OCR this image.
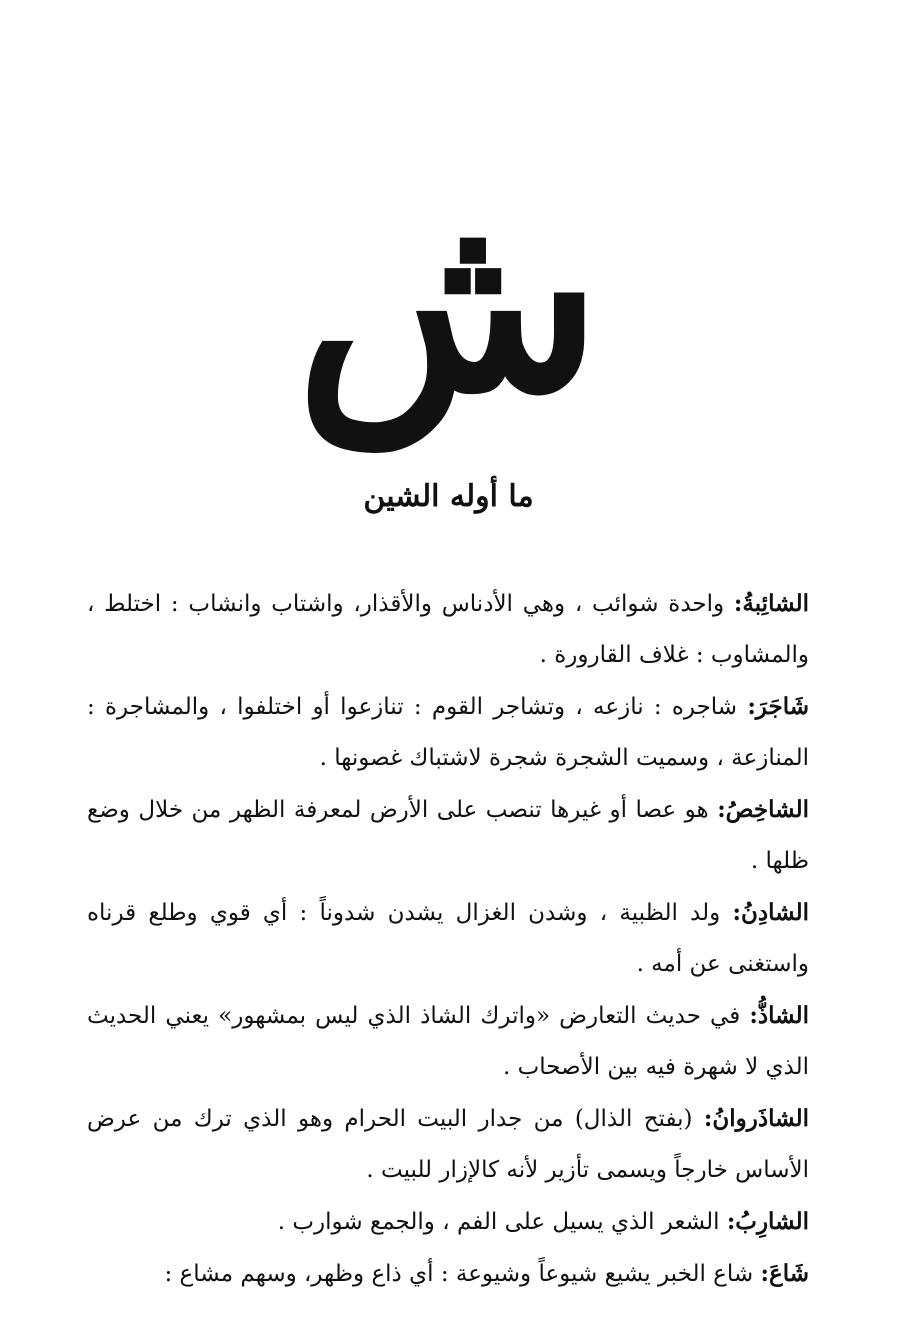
ش
ما أوله الشين

الشائِبةُ: واحدة شوائب ، وهي الأدناس والأقذار، واشتاب وانشاب : اختلط ، والمشاوب : غلاف القارورة .

شَاجَرَ: شاجره : نازعه ، وتشاجر القوم : تنازعوا أو اختلفوا ، والمشاجرة : المنازعة ، وسميت الشجرة شجرة لاشتباك غصونها .

الشاخِصُ: هو عصا أو غيرها تنصب على الأرض لمعرفة الظهر من خلال وضع ظلها .

الشادِنُ: ولد الظبية ، وشدن الغزال يشدن شدوناً : أي قوي وطلع قرناه واستغنى عن أمه .

الشاذُّ: في حديث التعارض «واترك الشاذ الذي ليس بمشهور» يعني الحديث الذي لا شهرة فيه بين الأصحاب .

الشاذَروانُ: (بفتح الذال) من جدار البيت الحرام وهو الذي ترك من عرض الأساس خارجاً ويسمى تأزير لأنه كالإزار للبيت .

الشارِبُ: الشعر الذي يسيل على الفم ، والجمع شوارب .

شَاعَ: شاع الخبر يشيع شيوعاً وشيوعة : أي ذاع وظهر، وسهم مشاع :
